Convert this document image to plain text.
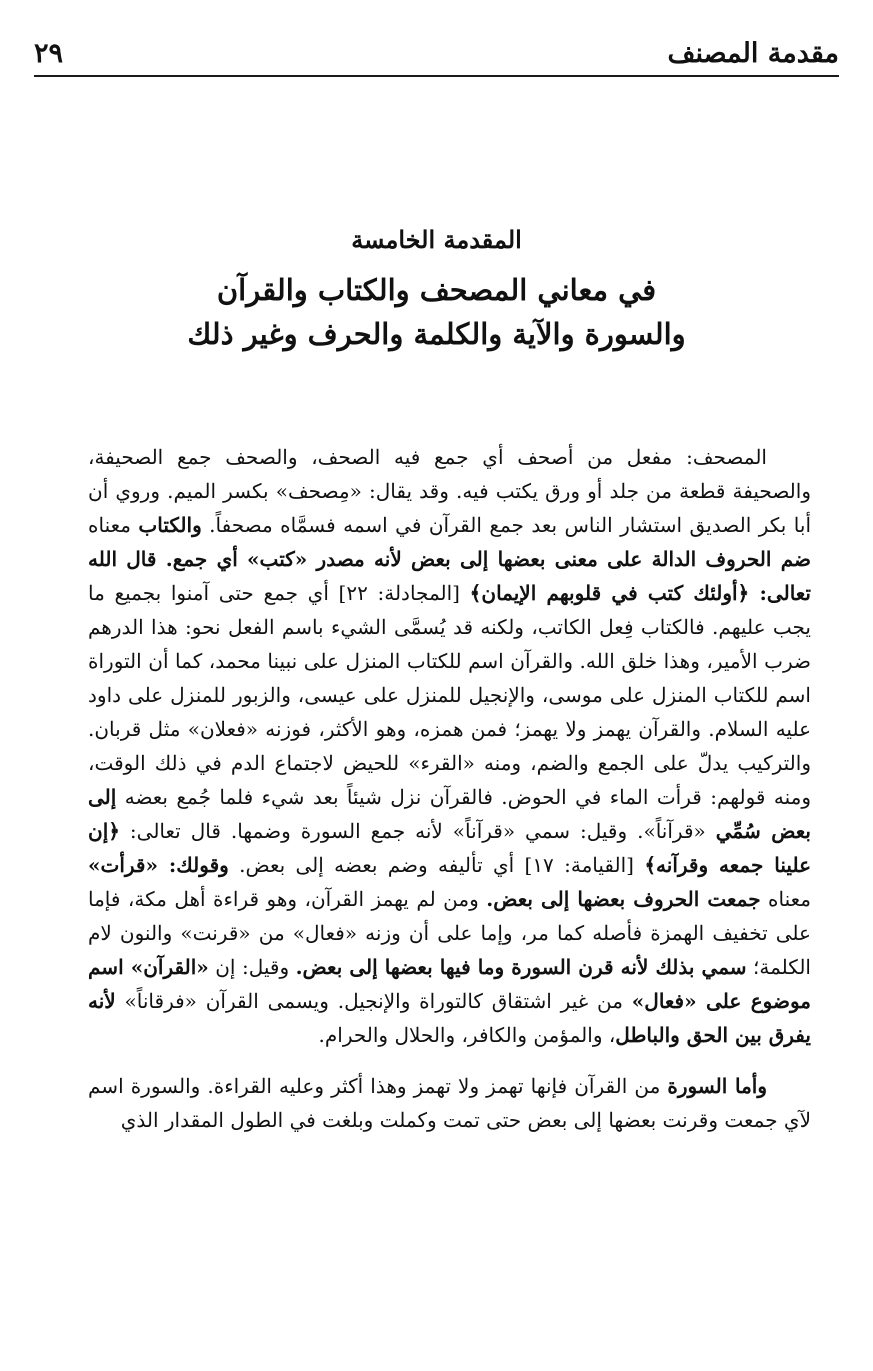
مقدمة المصنف
٢٩
المقدمة الخامسة
في معاني المصحف والكتاب والقرآن
والسورة والآية والكلمة والحرف وغير ذلك

المصحف: مفعل من أصحف أي جمع فيه الصحف، والصحف جمع الصحيفة، والصحيفة قطعة من جلد أو ورق يكتب فيه. وقد يقال: «مِصحف» بكسر الميم. وروي أن أبا بكر الصديق استشار الناس بعد جمع القرآن في اسمه فسمَّاه مصحفاً. والكتاب معناه ضم الحروف الدالة على معنى بعضها إلى بعض لأنه مصدر «كتب» أي جمع. قال الله تعالى: ﴿أولئك كتب في قلوبهم الإيمان﴾ [المجادلة: ٢٢] أي جمع حتى آمنوا بجميع ما يجب عليهم. فالكتاب فِعل الكاتب، ولكنه قد يُسمَّى الشيء باسم الفعل نحو: هذا الدرهم ضرب الأمير، وهذا خلق الله. والقرآن اسم للكتاب المنزل على نبينا محمد، كما أن التوراة اسم للكتاب المنزل على موسى، والإنجيل للمنزل على عيسى، والزبور للمنزل على داود عليه السلام. والقرآن يهمز ولا يهمز؛ فمن همزه، وهو الأكثر، فوزنه «فعلان» مثل قربان. والتركيب يدلّ على الجمع والضم، ومنه «القرء» للحيض لاجتماع الدم في ذلك الوقت، ومنه قولهم: قرأت الماء في الحوض. فالقرآن نزل شيئاً بعد شيء فلما جُمع بعضه إلى بعض سُمِّي «قرآناً». وقيل: سمي «قرآناً» لأنه جمع السورة وضمها. قال تعالى: ﴿إن علينا جمعه وقرآنه﴾ [القيامة: ١٧] أي تأليفه وضم بعضه إلى بعض. وقولك: «قرأت» معناه جمعت الحروف بعضها إلى بعض. ومن لم يهمز القرآن، وهو قراءة أهل مكة، فإما على تخفيف الهمزة فأصله كما مر، وإما على أن وزنه «فعال» من «قرنت» والنون لام الكلمة؛ سمي بذلك لأنه قرن السورة وما فيها بعضها إلى بعض. وقيل: إن «القرآن» اسم موضوع على «فعال» من غير اشتقاق كالتوراة والإنجيل. ويسمى القرآن «فرقاناً» لأنه يفرق بين الحق والباطل، والمؤمن والكافر، والحلال والحرام.

وأما السورة من القرآن فإنها تهمز ولا تهمز وهذا أكثر وعليه القراءة. والسورة اسم لآي جمعت وقرنت بعضها إلى بعض حتى تمت وكملت وبلغت في الطول المقدار الذي
